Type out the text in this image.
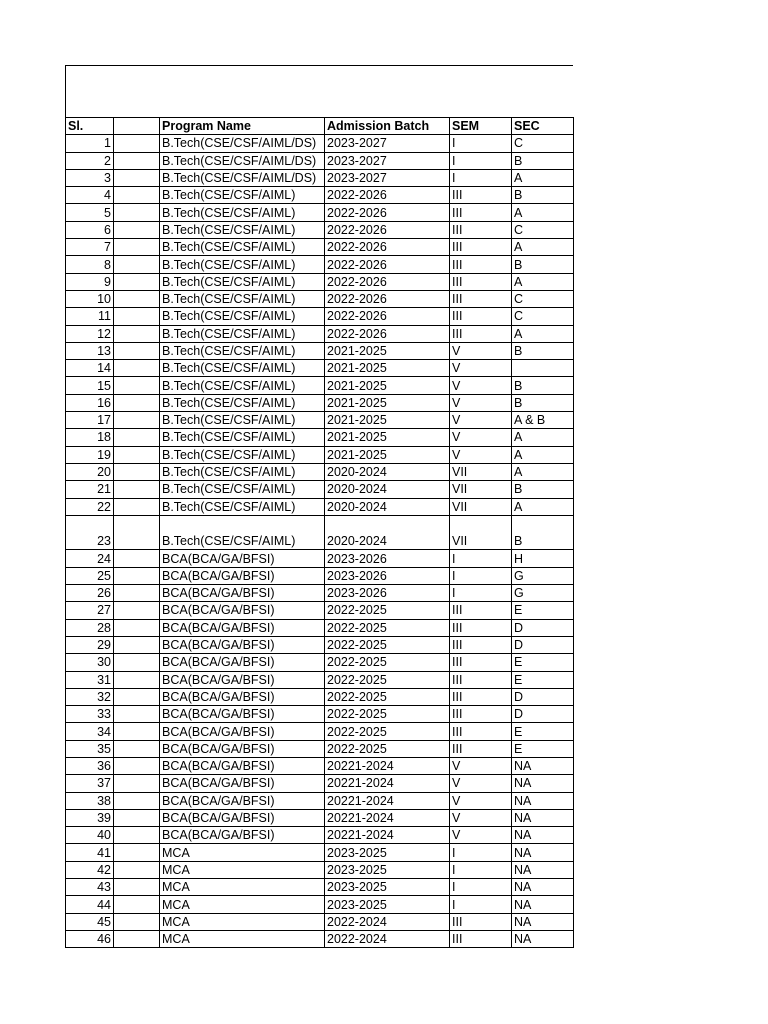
Sl.		Program Name	Admission Batch	SEM	SEC
1		B.Tech(CSE/CSF/AIML/DS)	2023-2027	I	C
2		B.Tech(CSE/CSF/AIML/DS)	2023-2027	I	B
3		B.Tech(CSE/CSF/AIML/DS)	2023-2027	I	A
4		B.Tech(CSE/CSF/AIML)	2022-2026	III	B
5		B.Tech(CSE/CSF/AIML)	2022-2026	III	A
6		B.Tech(CSE/CSF/AIML)	2022-2026	III	C
7		B.Tech(CSE/CSF/AIML)	2022-2026	III	A
8		B.Tech(CSE/CSF/AIML)	2022-2026	III	B
9		B.Tech(CSE/CSF/AIML)	2022-2026	III	A
10		B.Tech(CSE/CSF/AIML)	2022-2026	III	C
11		B.Tech(CSE/CSF/AIML)	2022-2026	III	C
12		B.Tech(CSE/CSF/AIML)	2022-2026	III	A
13		B.Tech(CSE/CSF/AIML)	2021-2025	V	B
14		B.Tech(CSE/CSF/AIML)	2021-2025	V	
15		B.Tech(CSE/CSF/AIML)	2021-2025	V	B
16		B.Tech(CSE/CSF/AIML)	2021-2025	V	B
17		B.Tech(CSE/CSF/AIML)	2021-2025	V	A & B
18		B.Tech(CSE/CSF/AIML)	2021-2025	V	A
19		B.Tech(CSE/CSF/AIML)	2021-2025	V	A
20		B.Tech(CSE/CSF/AIML)	2020-2024	VII	A
21		B.Tech(CSE/CSF/AIML)	2020-2024	VII	B
22		B.Tech(CSE/CSF/AIML)	2020-2024	VII	A
23		B.Tech(CSE/CSF/AIML)	2020-2024	VII	B
24		BCA(BCA/GA/BFSI)	2023-2026	I	H
25		BCA(BCA/GA/BFSI)	2023-2026	I	G
26		BCA(BCA/GA/BFSI)	2023-2026	I	G
27		BCA(BCA/GA/BFSI)	2022-2025	III	E
28		BCA(BCA/GA/BFSI)	2022-2025	III	D
29		BCA(BCA/GA/BFSI)	2022-2025	III	D
30		BCA(BCA/GA/BFSI)	2022-2025	III	E
31		BCA(BCA/GA/BFSI)	2022-2025	III	E
32		BCA(BCA/GA/BFSI)	2022-2025	III	D
33		BCA(BCA/GA/BFSI)	2022-2025	III	D
34		BCA(BCA/GA/BFSI)	2022-2025	III	E
35		BCA(BCA/GA/BFSI)	2022-2025	III	E
36		BCA(BCA/GA/BFSI)	20221-2024	V	NA
37		BCA(BCA/GA/BFSI)	20221-2024	V	NA
38		BCA(BCA/GA/BFSI)	20221-2024	V	NA
39		BCA(BCA/GA/BFSI)	20221-2024	V	NA
40		BCA(BCA/GA/BFSI)	20221-2024	V	NA
41		MCA	2023-2025	I	NA
42		MCA	2023-2025	I	NA
43		MCA	2023-2025	I	NA
44		MCA	2023-2025	I	NA
45		MCA	2022-2024	III	NA
46		MCA	2022-2024	III	NA
